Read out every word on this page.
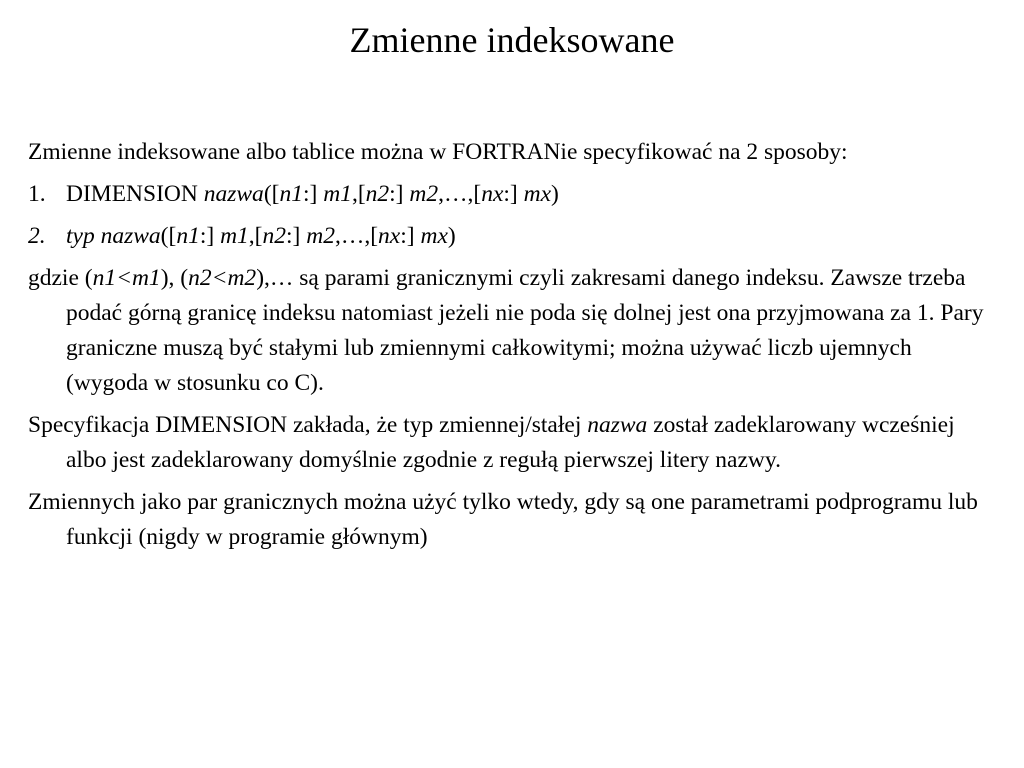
Zmienne indeksowane

Zmienne indeksowane albo tablice można w FORTRANie specyfikować na 2 sposoby:

1. DIMENSION nazwa([n1:] m1,[n2:] m2,…,[nx:] mx)

2. typ nazwa([n1:] m1,[n2:] m2,…,[nx:] mx)

gdzie (n1<m1), (n2<m2),… są parami granicznymi czyli zakresami danego indeksu. Zawsze trzeba podać górną granicę indeksu natomiast jeżeli nie poda się dolnej jest ona przyjmowana za 1. Pary graniczne muszą być stałymi lub zmiennymi całkowitymi; można używać liczb ujemnych (wygoda w stosunku co C).

Specyfikacja DIMENSION zakłada, że typ zmiennej/stałej nazwa został zadeklarowany wcześniej albo jest zadeklarowany domyślnie zgodnie z regułą pierwszej litery nazwy.

Zmiennych jako par granicznych można użyć tylko wtedy, gdy są one parametrami podprogramu lub funkcji (nigdy w programie głównym)
